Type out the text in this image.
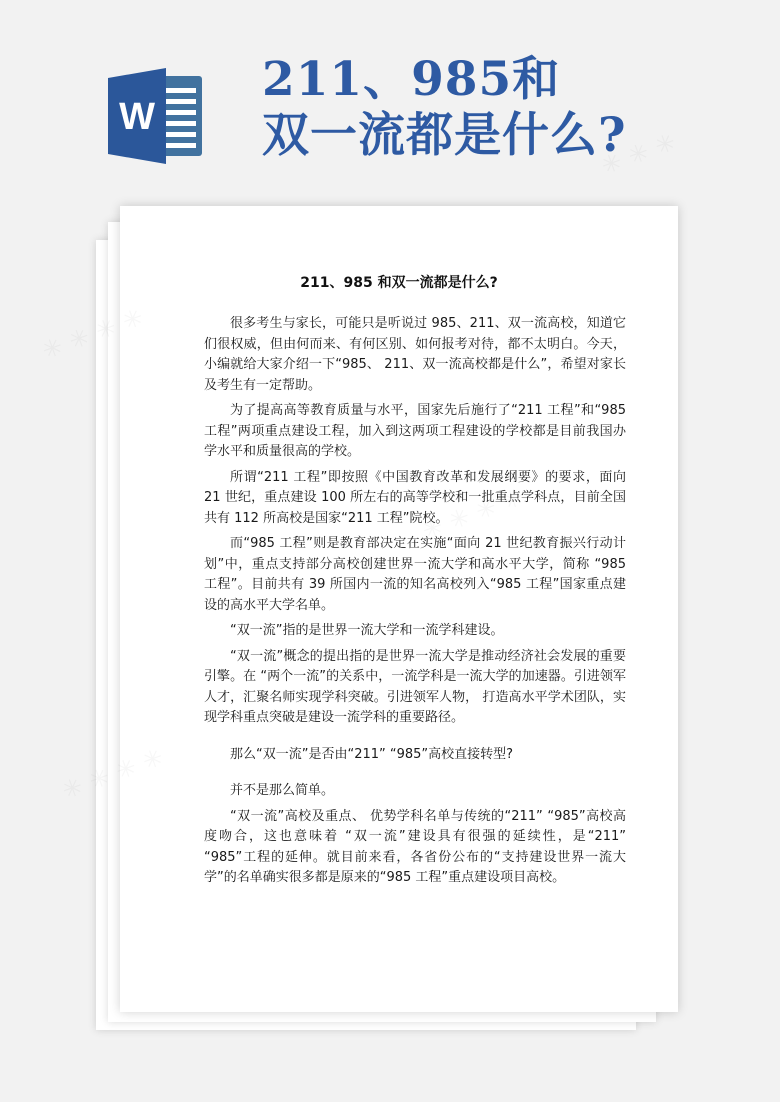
W
211、985和
双一流都是什么?
211、985 和双一流都是什么?

很多考生与家长，可能只是听说过 985、211、双一流高校，知道它们很权威，但由何而来、有何区别、如何报考对待，都不太明白。今天，小编就给大家介绍一下“985、 211、双一流高校都是什么”，希望对家长及考生有一定帮助。

为了提高高等教育质量与水平，国家先后施行了“211 工程”和“985 工程”两项重点建设工程，加入到这两项工程建设的学校都是目前我国办学水平和质量很高的学校。

所谓“211 工程”即按照《中国教育改革和发展纲要》的要求，面向 21 世纪，重点建设 100 所左右的高等学校和一批重点学科点，目前全国共有 112 所高校是国家“211 工程”院校。

而“985 工程”则是教育部决定在实施“面向 21 世纪教育振兴行动计划”中，重点支持部分高校创建世界一流大学和高水平大学，简称 “985 工程”。目前共有 39 所国内一流的知名高校列入“985 工程”国家重点建设的高水平大学名单。

“双一流”指的是世界一流大学和一流学科建设。

“双一流”概念的提出指的是世界一流大学是推动经济社会发展的重要引擎。在 “两个一流”的关系中，一流学科是一流大学的加速器。引进领军人才，汇聚名师实现学科突破。引进领军人物， 打造高水平学术团队，实现学科重点突破是建设一流学科的重要路径。

那么“双一流”是否由“211” “985”高校直接转型?

并不是那么简单。

“双一流”高校及重点、 优势学科名单与传统的“211” “985”高校高度吻合，这也意味着 “双一流”建设具有很强的延续性，是“211” “985”工程的延伸。就目前来看，各省份公布的“支持建设世界一流大学”的名单确实很多都是原来的“985 工程”重点建设项目高校。

✳ ✳ ✳ ✳
✳
✳ ✳ ✳
